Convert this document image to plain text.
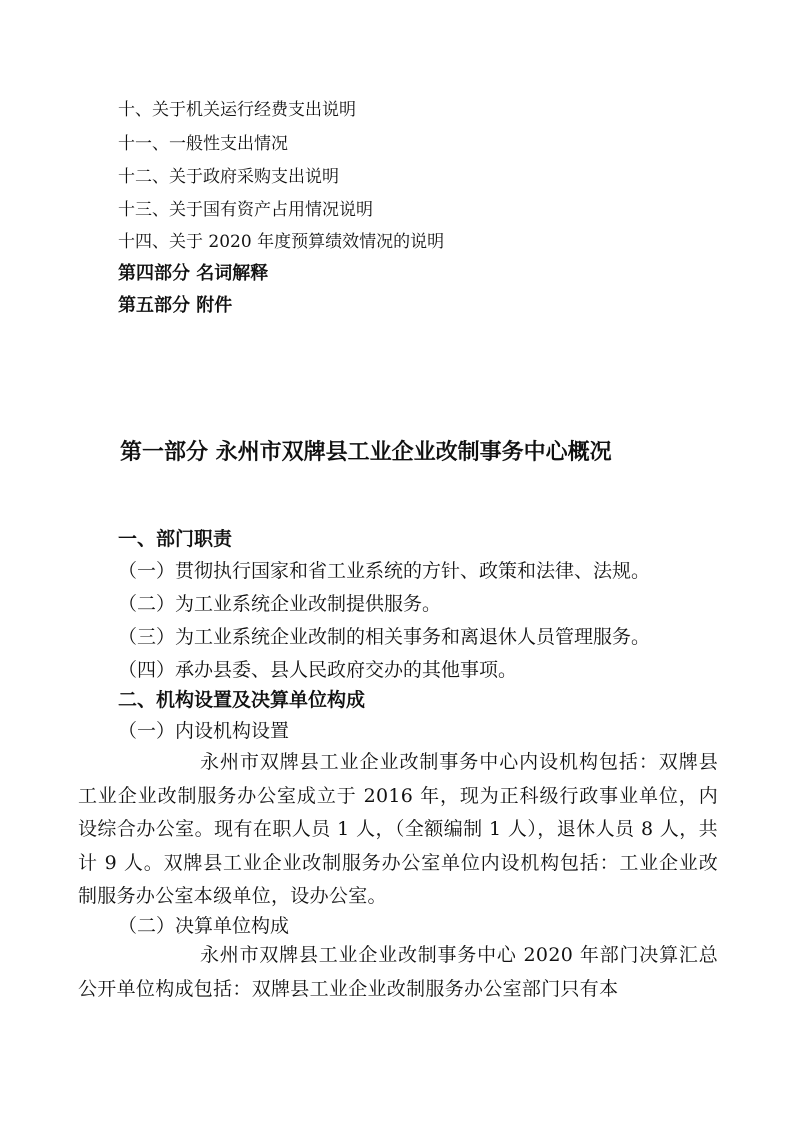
十、关于机关运行经费支出说明
十一、一般性支出情况
十二、关于政府采购支出说明
十三、关于国有资产占用情况说明
十四、关于 2020 年度预算绩效情况的说明
第四部分 名词解释
第五部分 附件
第一部分 永州市双牌县工业企业改制事务中心概况
一、部门职责
（一）贯彻执行国家和省工业系统的方针、政策和法律、法规。
（二）为工业系统企业改制提供服务。
（三）为工业系统企业改制的相关事务和离退休人员管理服务。
（四）承办县委、县人民政府交办的其他事项。
二、机构设置及决算单位构成
（一）内设机构设置
永州市双牌县工业企业改制事务中心内设机构包括：双牌县工业企业改制服务办公室成立于 2016 年，现为正科级行政事业单位，内设综合办公室。现有在职人员 1 人，（全额编制 1 人），退休人员 8 人，共计 9 人。双牌县工业企业改制服务办公室单位内设机构包括：工业企业改制服务办公室本级单位，设办公室。
（二）决算单位构成
永州市双牌县工业企业改制事务中心 2020 年部门决算汇总公开单位构成包括：双牌县工业企业改制服务办公室部门只有本
